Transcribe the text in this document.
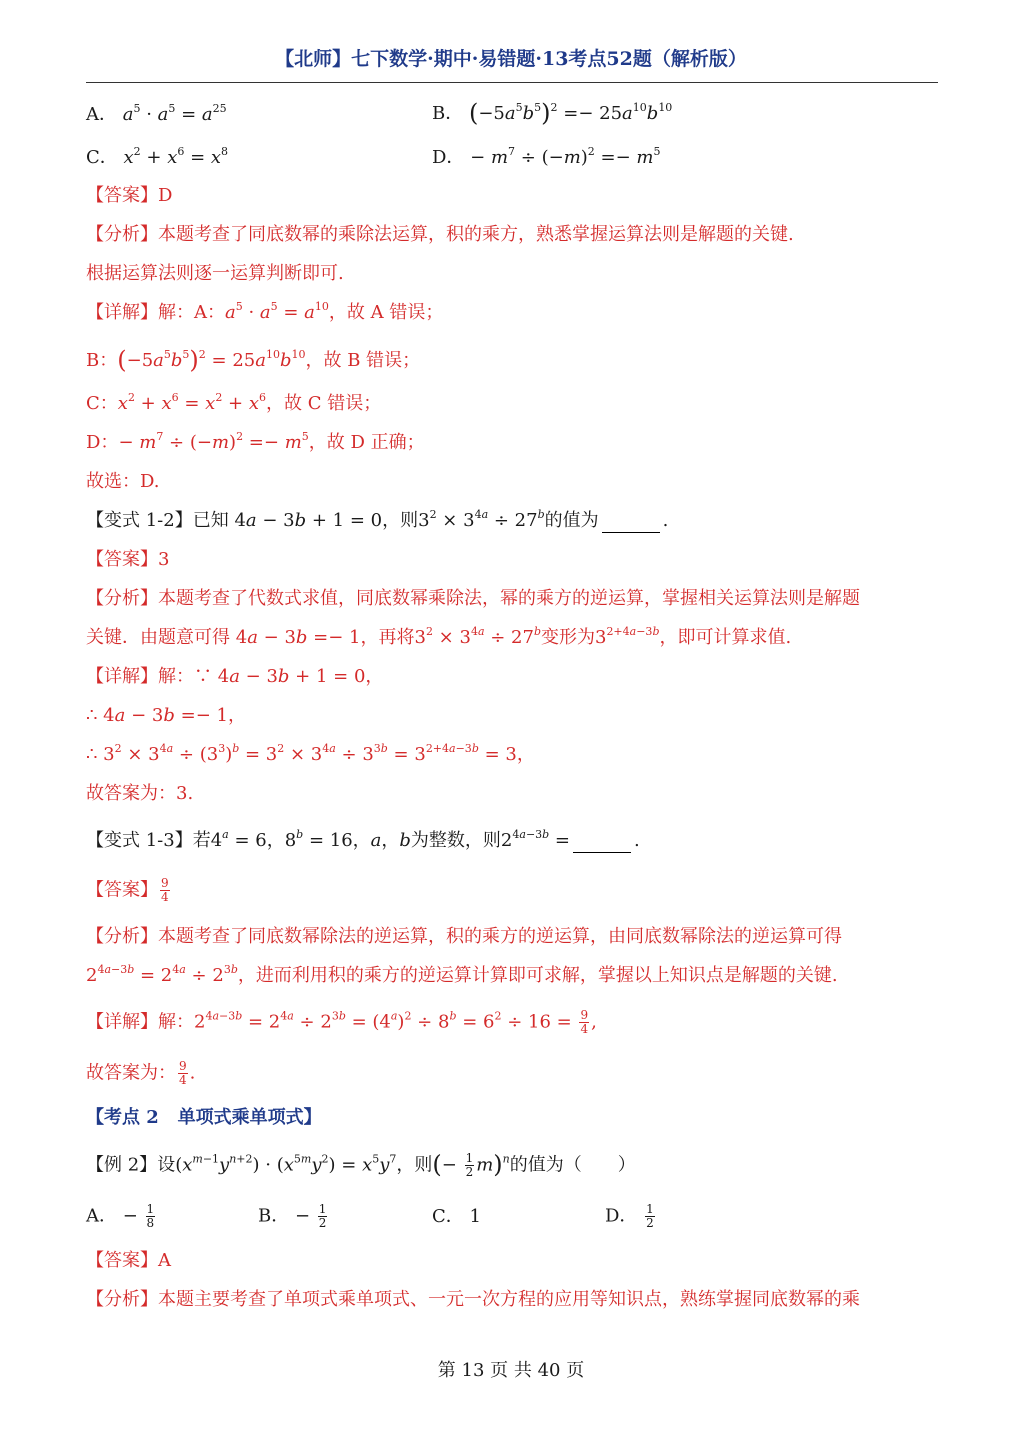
【北师】七下数学·期中·易错题·13考点52题（解析版）
A． $a^5 \cdot a^5 = a^{25}$	B． $(-5a^5b^5)^2 =- 25a^{10}b^{10}$
C． $x^2 + x^6 = x^8$	D． − $m^7 \div (-m)^2 =- m^5$
【答案】D
【分析】本题考查了同底数幂的乘除法运算，积的乘方，熟悉掌握运算法则是解题的关键.
根据运算法则逐一运算判断即可.
【详解】解：A：$a^5 \cdot a^5 = a^{10}$，故 A 错误；
B：$(-5a^5b^5)^2 = 25a^{10}b^{10}$，故 B 错误；
C：$x^2 + x^6 = x^2 + x^6$，故 C 错误；
D：− $m^7 \div (-m)^2 =- m^5$，故 D 正确；
故选：D.
【变式 1-2】已知 4a − 3b + 1 = 0，则$3^2 \times 3^{4a} \div 27^b$的值为	.
【答案】3
【分析】本题考查了代数式求值，同底数幂乘除法，幂的乘方的逆运算，掌握相关运算法则是解题
关键．由题意可得 4a − 3b =− 1，再将$3^2 \times 3^{4a} \div 27^b$变形为$3^{2+4a-3b}$，即可计算求值.
【详解】解：∵ 4a − 3b + 1 = 0，
∴ 4a − 3b =− 1，
∴ $3^2 \times 3^{4a} \div (3^3)^b = 3^2 \times 3^{4a} \div 3^{3b} = 3^{2+4a-3b} = 3$，
故答案为：3.
【变式 1-3】若$4^a = 6$，$8^b = 16$，a，b为整数，则$2^{4a-3b}$ =	.
【答案】 $\frac{9}{4}$
【分析】本题考查了同底数幂除法的逆运算，积的乘方的逆运算，由同底数幂除法的逆运算可得
$2^{4a-3b} = 2^{4a} \div 2^{3b}$，进而利用积的乘方的逆运算计算即可求解，掌握以上知识点是解题的关键.
【详解】解：$2^{4a-3b} = 2^{4a} \div 2^{3b} = (4^a)^2 \div 8^b = 6^2 \div 16 = \frac{9}{4}$ ,
故答案为： $\frac{9}{4}$ .
【考点 2 单项式乘单项式】
【例 2】设$(x^{m-1}y^{n+2}) \cdot (x^{5m}y^2) = x^5y^7$，则(− $\frac{1}{2} m)^n$的值为（　　）
A． − $\frac{1}{8}$	B． − $\frac{1}{2}$	C． 1	D． $\frac{1}{2}$
【答案】A
【分析】本题主要考查了单项式乘单项式、一元一次方程的应用等知识点，熟练掌握同底数幂的乘
第 13 页 共 40 页
